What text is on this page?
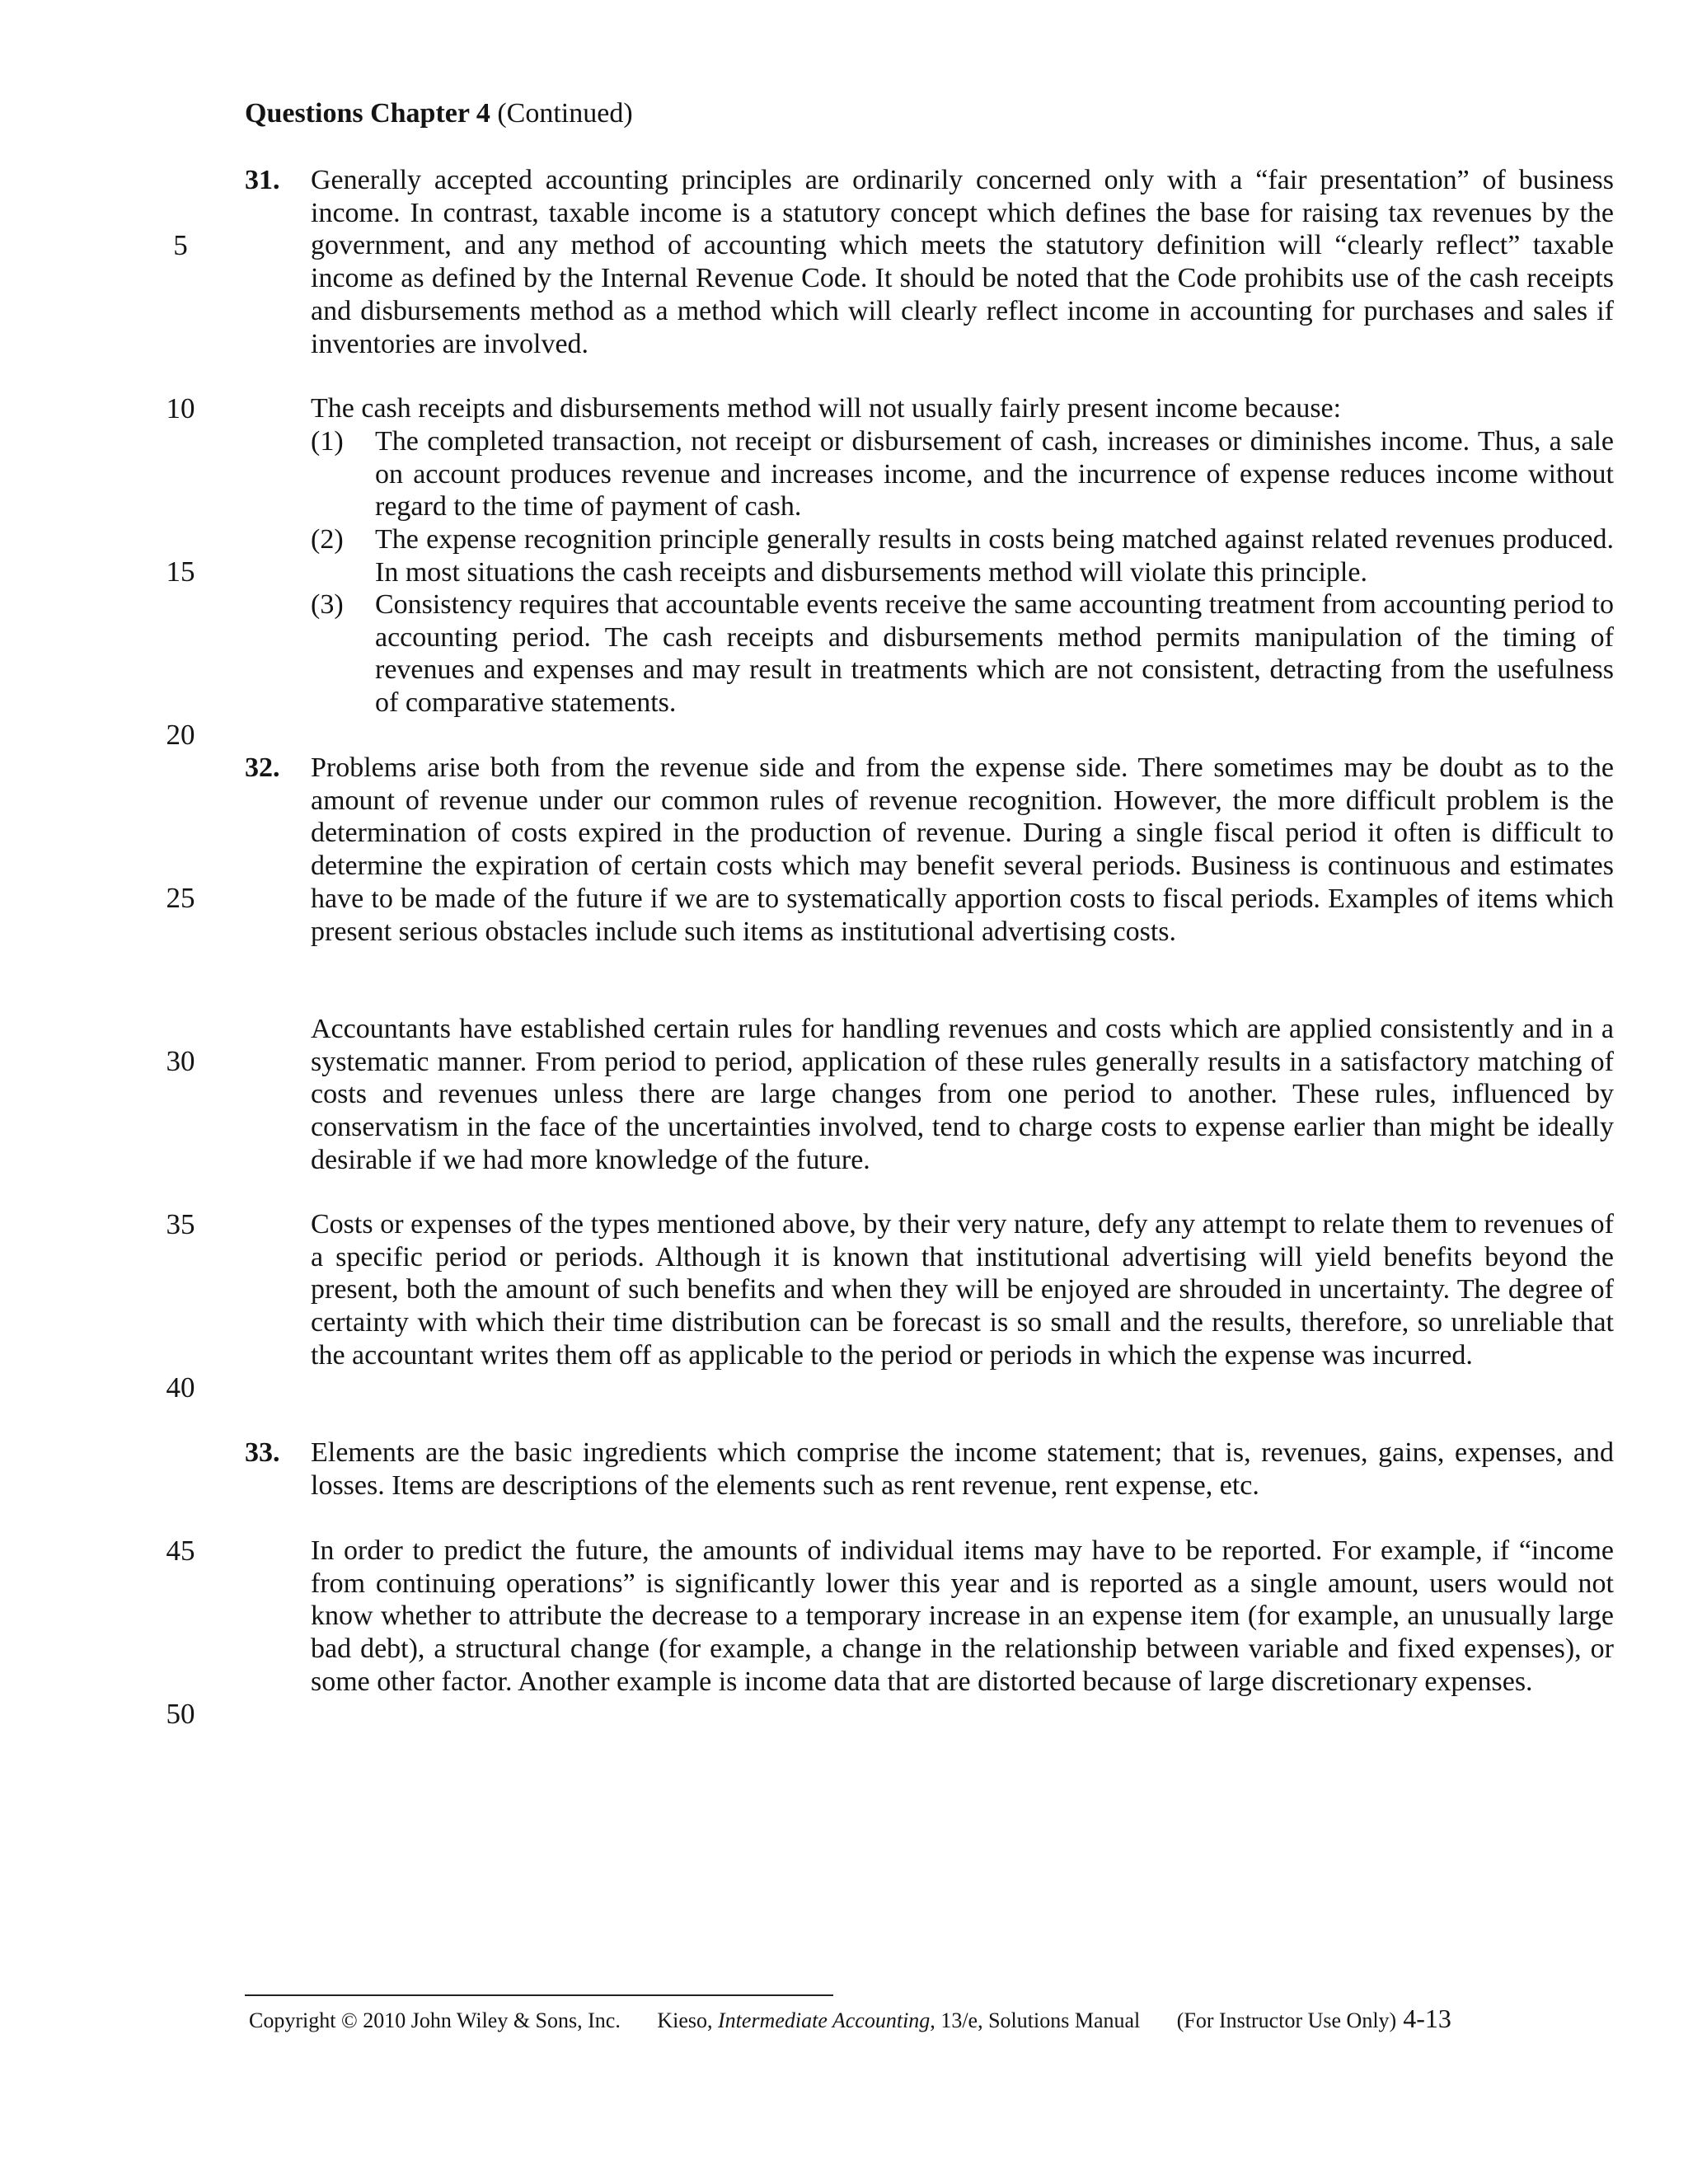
Questions Chapter 4 (Continued)
5
10
15
20
25
30
35
40
45
50
31. Generally accepted accounting principles are ordinarily concerned only with a “fair presentation” of business income. In contrast, taxable income is a statutory concept which defines the base for raising tax revenues by the government, and any method of accounting which meets the statutory definition will “clearly reflect” taxable income as defined by the Internal Revenue Code. It should be noted that the Code prohibits use of the cash receipts and disbursements method as a method which will clearly reflect income in accounting for purchases and sales if inventories are involved.

The cash receipts and disbursements method will not usually fairly present income because:

(1) The completed transaction, not receipt or disbursement of cash, increases or diminishes income. Thus, a sale on account produces revenue and increases income, and the incurrence of expense reduces income without regard to the time of payment of cash.
(2) The expense recognition principle generally results in costs being matched against related revenues produced. In most situations the cash receipts and disbursements method will violate this principle.
(3) Consistency requires that accountable events receive the same accounting treatment from accounting period to accounting period. The cash receipts and disbursements method permits manipulation of the timing of revenues and expenses and may result in treatments which are not consistent, detracting from the usefulness of comparative statements.
32. Problems arise both from the revenue side and from the expense side. There sometimes may be doubt as to the amount of revenue under our common rules of revenue recognition. However, the more difficult problem is the determination of costs expired in the production of revenue. During a single fiscal period it often is difficult to determine the expiration of certain costs which may benefit several periods. Business is continuous and estimates have to be made of the future if we are to systematically apportion costs to fiscal periods. Examples of items which present serious obstacles include such items as institutional advertising costs.

Accountants have established certain rules for handling revenues and costs which are applied consistently and in a systematic manner. From period to period, application of these rules generally results in a satisfactory matching of costs and revenues unless there are large changes from one period to another. These rules, influenced by conservatism in the face of the uncertainties involved, tend to charge costs to expense earlier than might be ideally desirable if we had more knowledge of the future.

Costs or expenses of the types mentioned above, by their very nature, defy any attempt to relate them to revenues of a specific period or periods. Although it is known that institutional advertising will yield benefits beyond the present, both the amount of such benefits and when they will be enjoyed are shrouded in uncertainty. The degree of certainty with which their time distribution can be forecast is so small and the results, therefore, so unreliable that the accountant writes them off as applicable to the period or periods in which the expense was incurred.

33. Elements are the basic ingredients which comprise the income statement; that is, revenues, gains, expenses, and losses. Items are descriptions of the elements such as rent revenue, rent expense, etc.

In order to predict the future, the amounts of individual items may have to be reported. For example, if “income from continuing operations” is significantly lower this year and is reported as a single amount, users would not know whether to attribute the decrease to a temporary increase in an expense item (for example, an unusually large bad debt), a structural change (for example, a change in the relationship between variable and fixed expenses), or some other factor. Another example is income data that are distorted because of large discretionary expenses.

Copyright © 2010 John Wiley & Sons, Inc. Kieso, Intermediate Accounting, 13/e, Solutions Manual (For Instructor Use Only) 4-13
